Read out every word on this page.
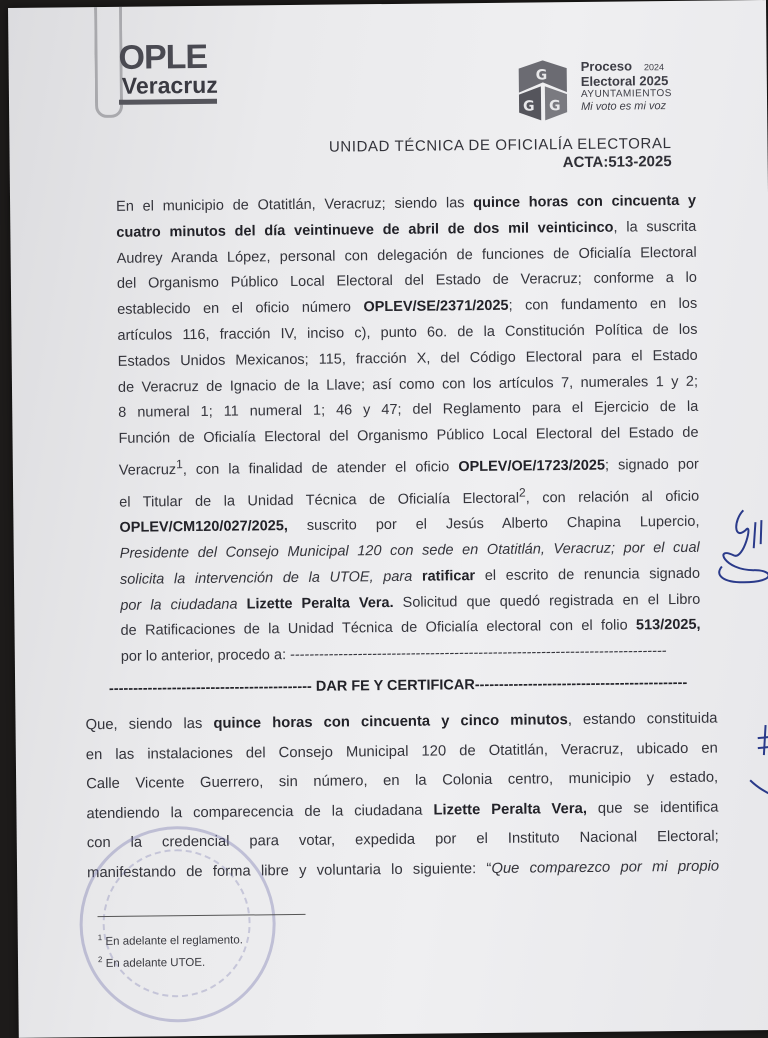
OPLE
Veracruz	G
G G
Proceso 2024
Electoral 2025
AYUNTAMIENTOS
Mi voto es mi voz
UNIDAD TÉCNICA DE OFICIALÍA ELECTORAL
ACTA:513-2025
En el municipio de Otatitlán, Veracruz; siendo las quince horas con cincuenta y
cuatro minutos del día veintinueve de abril de dos mil veinticinco, la suscrita
Audrey Aranda López, personal con delegación de funciones de Oficialía Electoral
del Organismo Público Local Electoral del Estado de Veracruz; conforme a lo
establecido en el oficio número OPLEV/SE/2371/2025; con fundamento en los
artículos 116, fracción IV, inciso c), punto 6o. de la Constitución Política de los
Estados Unidos Mexicanos; 115, fracción X, del Código Electoral para el Estado
de Veracruz de Ignacio de la Llave; así como con los artículos 7, numerales 1 y 2;
8 numeral 1; 11 numeral 1; 46 y 47; del Reglamento para el Ejercicio de la
Función de Oficialía Electoral del Organismo Público Local Electoral del Estado de
Veracruz$^1$, con la finalidad de atender el oficio OPLEV/OE/1723/2025; signado por
el Titular de la Unidad Técnica de Oficialía Electoral$^2$, con relación al oficio
OPLEV/CM120/027/2025, suscrito por el Jesús Alberto Chapina Lupercio,
Presidente del Consejo Municipal 120 con sede en Otatitlán, Veracruz; por el cual
solicita la intervención de la UTOE, para ratificar el escrito de renuncia signado
por la ciudadana Lizette Peralta Vera. Solicitud que quedó registrada en el Libro
de Ratificaciones de la Unidad Técnica de Oficialía electoral con el folio 513/2025,
por lo anterior, procedo a: ------------------------------------------------------------------------------
------------------------------------------ DAR FE Y CERTIFICAR--------------------------------------------
Que, siendo las quince horas con cincuenta y cinco minutos, estando constituida
en las instalaciones del Consejo Municipal 120 de Otatitlán, Veracruz, ubicado en
Calle Vicente Guerrero, sin número, en la Colonia centro, municipio y estado,
atendiendo la comparecencia de la ciudadana Lizette Peralta Vera, que se identifica
con la credencial para votar, expedida por el Instituto Nacional Electoral;
manifestando de forma libre y voluntaria lo siguiente: “Que comparezco por mi propio
$^1$ En adelante el reglamento.
$^2$ En adelante UTOE.
